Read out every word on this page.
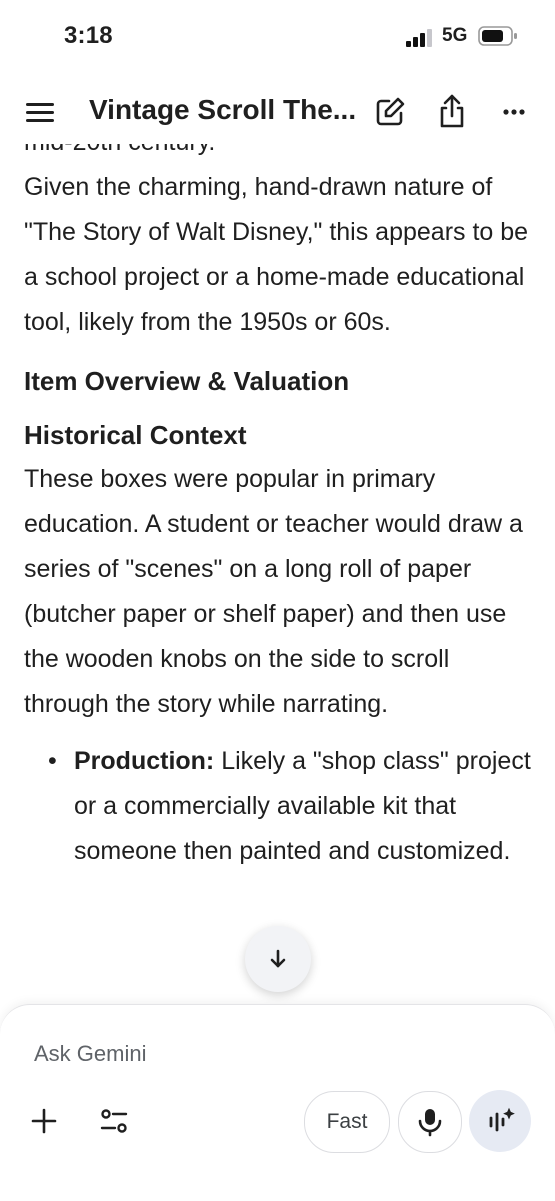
3:18	5G
Vintage Scroll The...

Given the charming, hand-drawn nature of "The Story of Walt Disney," this appears to be a school project or a home-made educational tool, likely from the 1950s or 60s.

Item Overview & Valuation
Historical Context

These boxes were popular in primary education. A student or teacher would draw a series of "scenes" on a long roll of paper (butcher paper or shelf paper) and then use the wooden knobs on the side to scroll through the story while narrating.

• Production: Likely a "shop class" project or a commercially available kit that someone then painted and customized.
Ask Gemini
Fast
